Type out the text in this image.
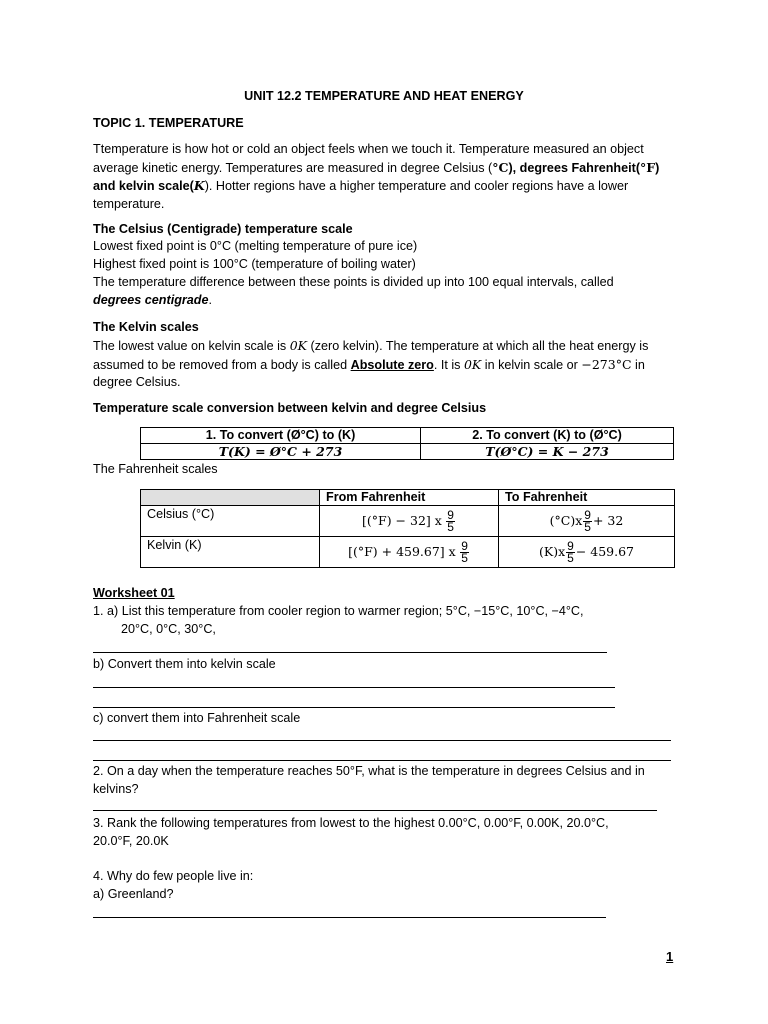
UNIT 12.2 TEMPERATURE AND HEAT ENERGY
TOPIC 1. TEMPERATURE
Ttemperature is how hot or cold an object feels when we touch it. Temperature measured an object average kinetic energy. Temperatures are measured in degree Celsius (°C), degrees Fahrenheit(°F) and kelvin scale(K). Hotter regions have a higher temperature and cooler regions have a lower temperature.
The Celsius (Centigrade) temperature scale
Lowest fixed point is 0°C (melting temperature of pure ice)
Highest fixed point is 100°C (temperature of boiling water)
The temperature difference between these points is divided up into 100 equal intervals, called
degrees centigrade.
The Kelvin scales
The lowest value on kelvin scale is 0K (zero kelvin). The temperature at which all the heat energy is assumed to be removed from a body is called Absolute zero. It is 0K in kelvin scale or −273°C in degree Celsius.
Temperature scale conversion between kelvin and degree Celsius
1. To convert (Ø°C) to (K)	2. To convert (K) to (Ø°C)
T(K) = Ø°C + 273	T(Ø°C) = K − 273
The Fahrenheit scales
	From Fahrenheit	To Fahrenheit
Celsius (°C)	[(°F) − 32] x $\frac{9}{5}$	$(^\circ C)x \frac{9}{5} + 32$
Kelvin (K)	[(°F) + 459.67] x $\frac{9}{5}$	$(K)x \frac{9}{5} - 459.67$
Worksheet 01
1. a) List this temperature from cooler region to warmer region; 5°C, −15°C, 10°C, −4°C,
20°C, 0°C, 30°C,
b) Convert them into kelvin scale
c) convert them into Fahrenheit scale
2. On a day when the temperature reaches 50°F, what is the temperature in degrees Celsius and in kelvins?
3. Rank the following temperatures from lowest to the highest 0.00°C, 0.00°F, 0.00K, 20.0°C,
20.0°F, 20.0K
4. Why do few people live in:
a) Greenland?
1
